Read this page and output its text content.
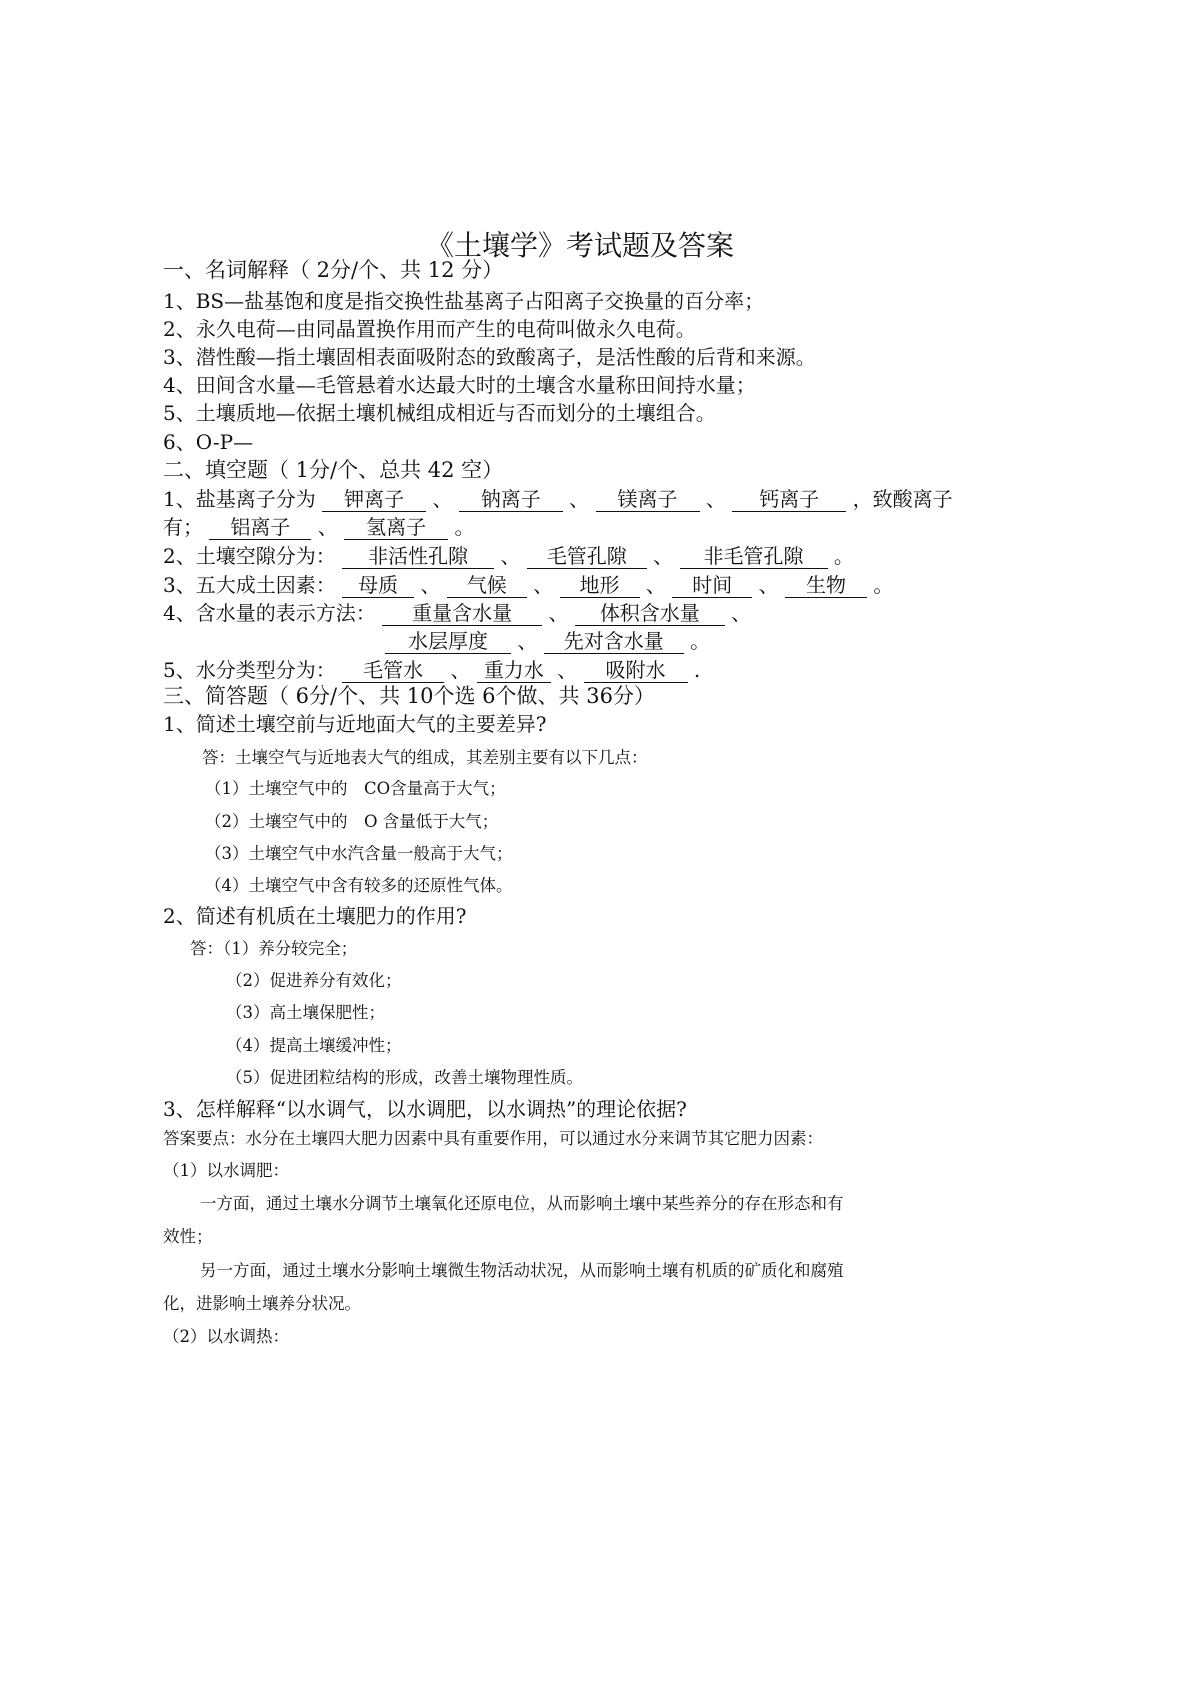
《土壤学》考试题及答案
一、名词解释（ 2分/个、共 12 分）
1、BS—盐基饱和度是指交换性盐基离子占阳离子交换量的百分率；
2、永久电荷—由同晶置换作用而产生的电荷叫做永久电荷。
3、潜性酸—指土壤固相表面吸附态的致酸离子，是活性酸的后背和来源。
4、田间含水量—毛管悬着水达最大时的土壤含水量称田间持水量；
5、土壤质地—依据土壤机械组成相近与否而划分的土壤组合。
6、O-P—
二、填空题（ 1分/个、总共 42 空）
1、盐基离子分为 钾离子 、 钠离子 、 镁离子 、 钙离子 ，致酸离子
有； 铝离子 、 氢离子 。
2、土壤空隙分为： 非活性孔隙 、 毛管孔隙 、 非毛管孔隙 。
3、五大成土因素： 母质 、 气候 、 地形 、 时间 、 生物 。
4、含水量的表示方法： 重量含水量 、 体积含水量 、
水层厚度 、 先对含水量 。
5、水分类型分为： 毛管水 、 重力水 、 吸附水 .
三、简答题（ 6分/个、共 10个选 6个做、共 36分）
1、简述土壤空前与近地面大气的主要差异?
答：土壤空气与近地表大气的组成，其差别主要有以下几点：
（1）土壤空气中的　CO含量高于大气；
（2）土壤空气中的　O 含量低于大气；
（3）土壤空气中水汽含量一般高于大气；
（4）土壤空气中含有较多的还原性气体。
2、简述有机质在土壤肥力的作用?
答：（1）养分较完全；
（2）促进养分有效化；
（3）高土壤保肥性；
（4）提高土壤缓冲性；
（5）促进团粒结构的形成，改善土壤物理性质。
3、怎样解释“以水调气，以水调肥，以水调热”的理论依据?
答案要点：水分在土壤四大肥力因素中具有重要作用，可以通过水分来调节其它肥力因素：
（1）以水调肥：
一方面，通过土壤水分调节土壤氧化还原电位，从而影响土壤中某些养分的存在形态和有
效性；
另一方面，通过土壤水分影响土壤微生物活动状况，从而影响土壤有机质的矿质化和腐殖
化，进影响土壤养分状况。
（2）以水调热：
